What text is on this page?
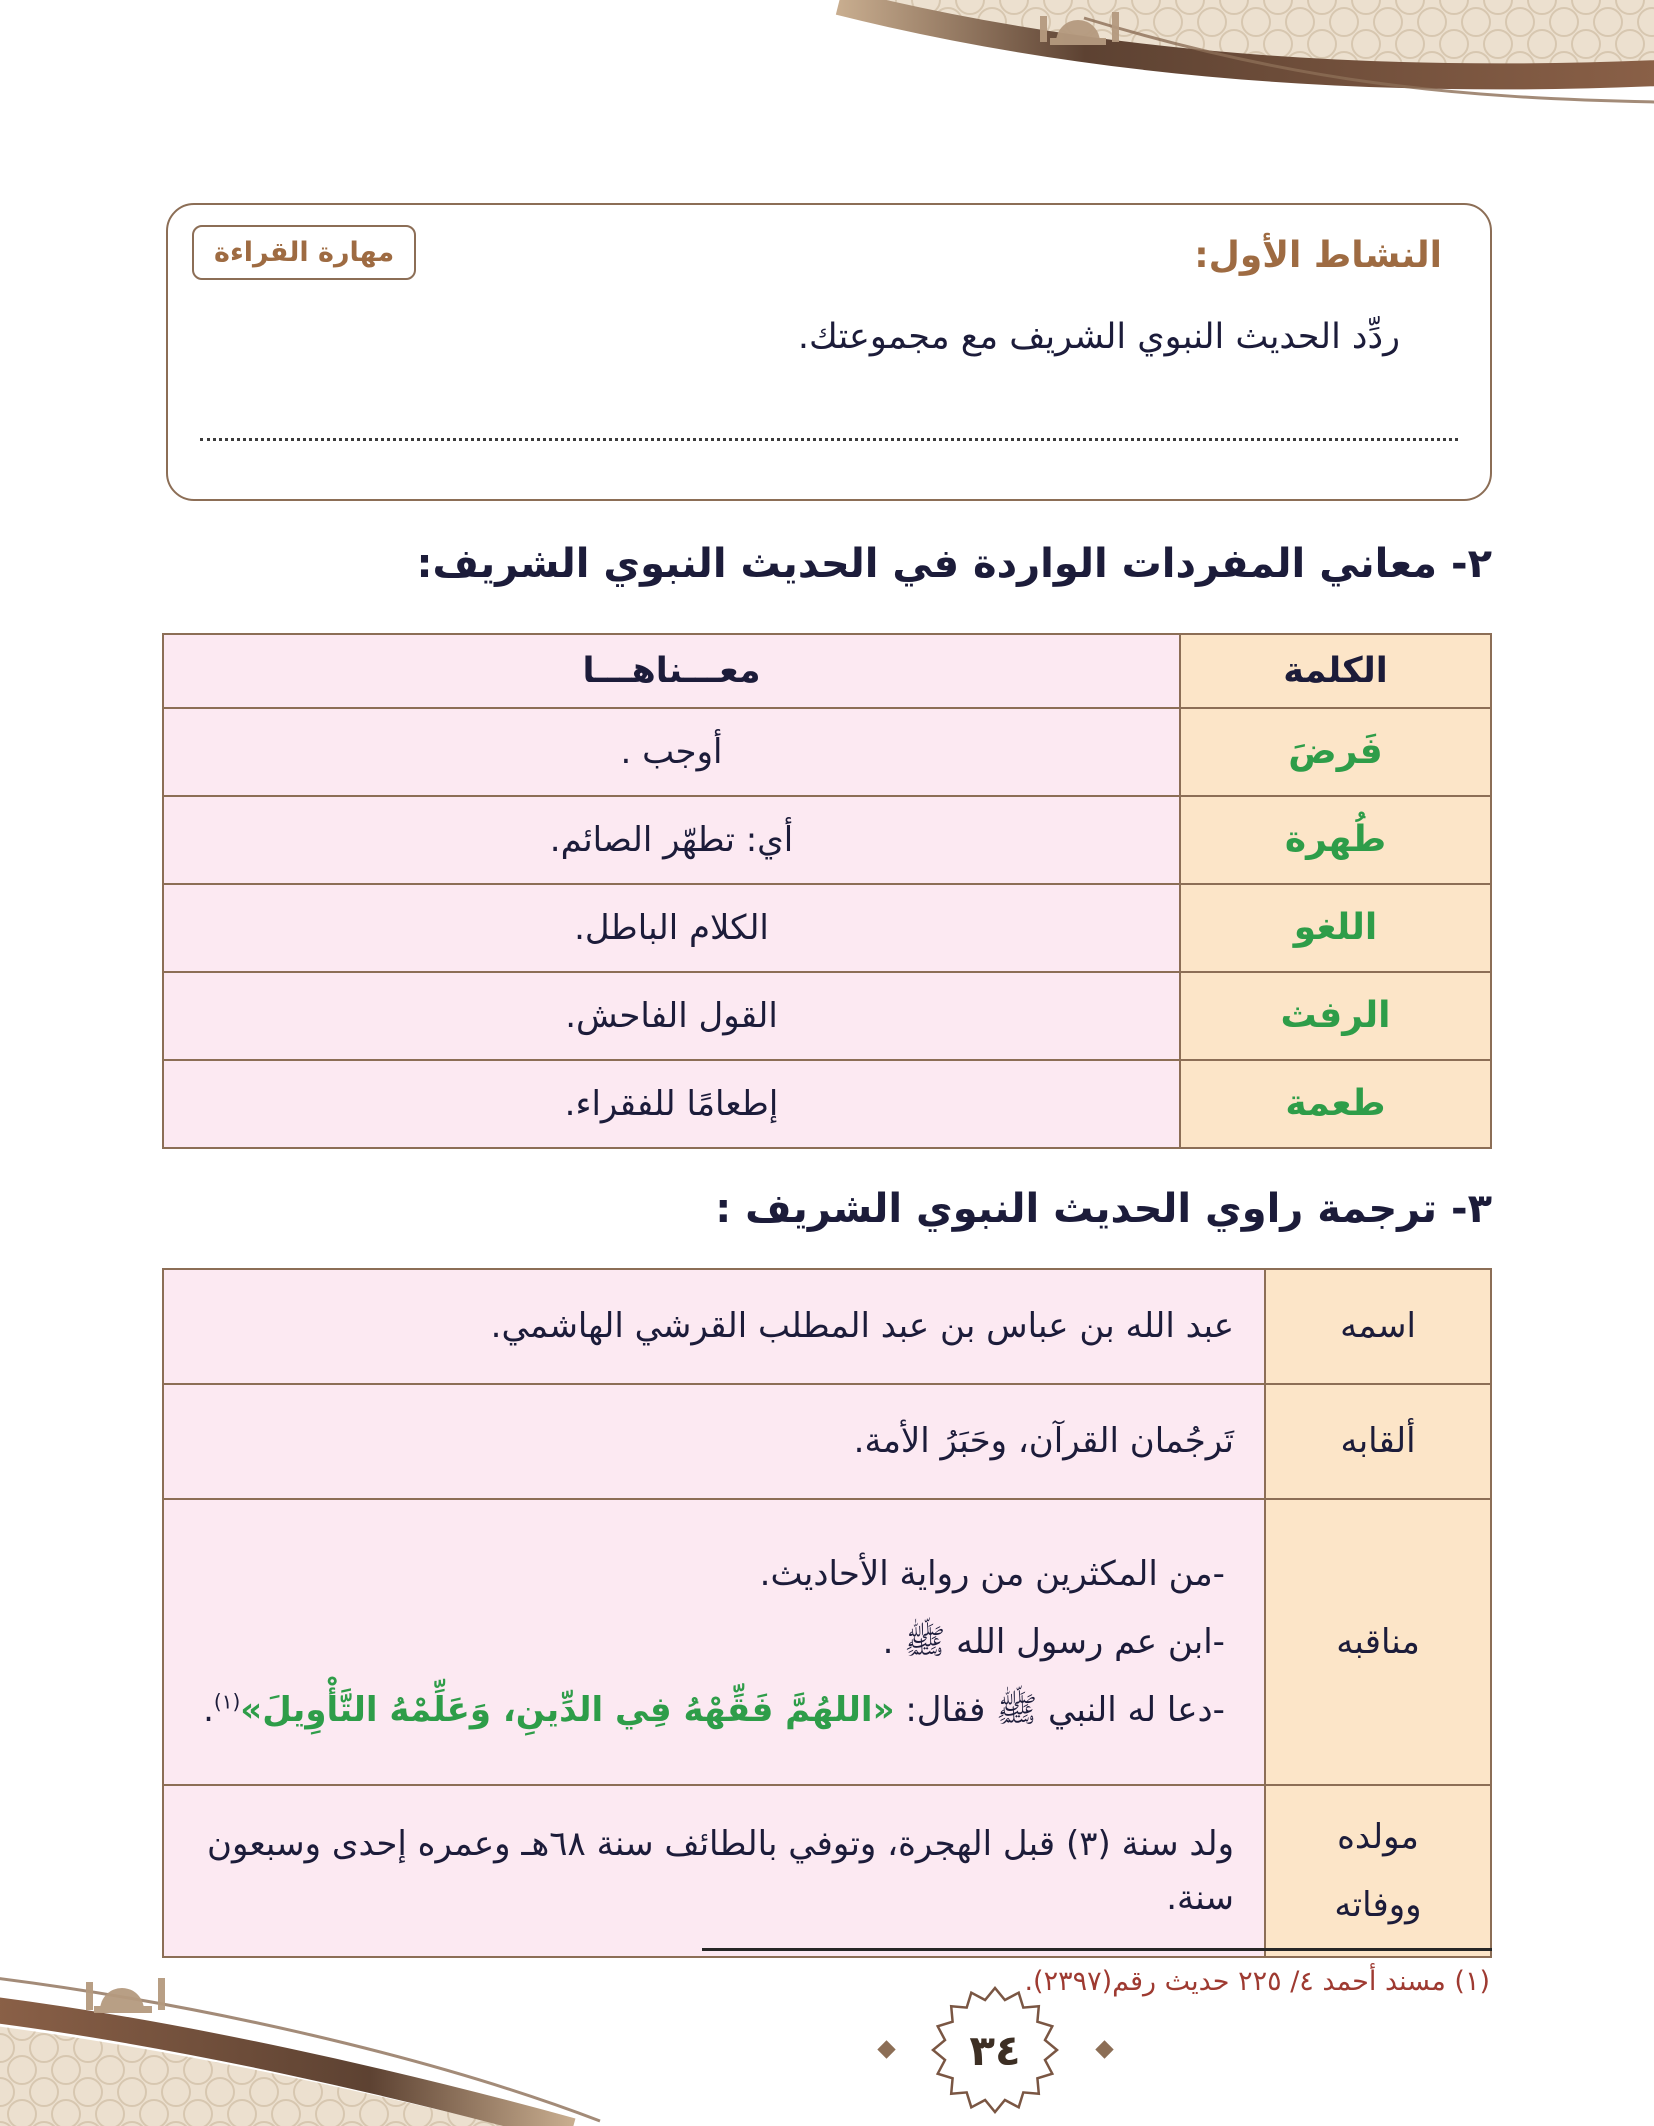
مهارة القراءة	النشاط الأول:
ردِّد الحديث النبوي الشريف مع مجموعتك.
٢- معاني المفردات الواردة في الحديث النبوي الشريف:
الكلمة	معـــناهـــا
فَرضَ	أوجب .
طُهرة	أي: تطهّر الصائم.
اللغو	الكلام الباطل.
الرفث	القول الفاحش.
طعمة	إطعامًا للفقراء.
٣- ترجمة راوي الحديث النبوي الشريف :
اسمه	عبد الله بن عباس بن عبد المطلب القرشي الهاشمي.
ألقابه	تَرجُمان القرآن، وحَبَرُ الأمة.
مناقبه	-من المكثرين من رواية الأحاديث.
-ابن عم رسول الله ﷺ .
-دعا له النبي ﷺ فقال: «اللهُمَّ فَقِّهْهُ فِي الدِّينِ، وَعَلِّمْهُ التَّأْوِيلَ»$^{(١)}$.

مولده
ووفاته	ولد سنة (٣) قبل الهجرة، وتوفي بالطائف سنة ٦٨هـ وعمره إحدى وسبعون سنة.
(١) مسند أحمد ٤/ ٢٢٥ حديث رقم(٢٣٩٧).
٣٤
